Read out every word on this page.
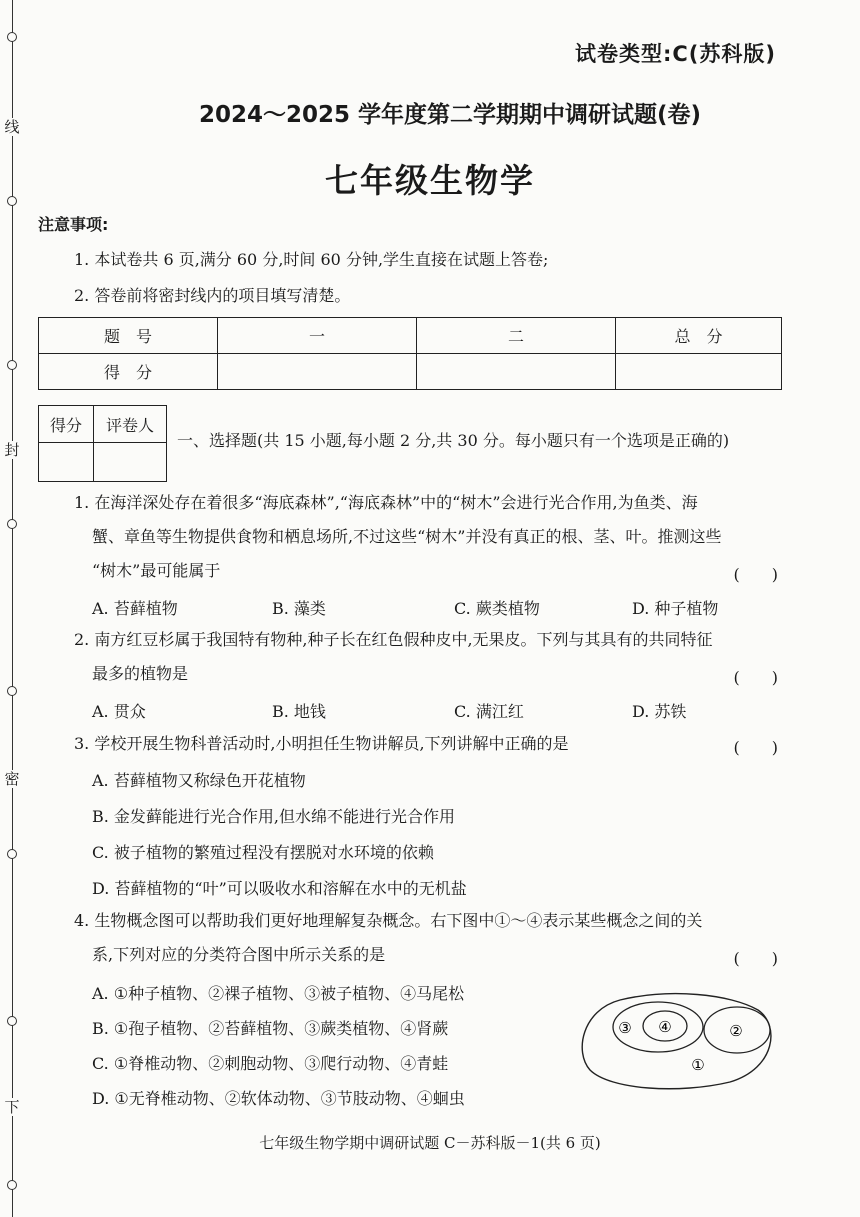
线
封
密
下
试卷类型:C(苏科版)
2024～2025 学年度第二学期期中调研试题(卷)
七年级生物学
注意事项:
1. 本试卷共 6 页,满分 60 分,时间 60 分钟,学生直接在试题上答卷;
2. 答卷前将密封线内的项目填写清楚。
题　号	一	二	总　分
得　分			
得分	评卷人

一、选择题(共 15 小题,每小题 2 分,共 30 分。每小题只有一个选项是正确的)
1. 在海洋深处存在着很多“海底森林”,“海底森林”中的“树木”会进行光合作用,为鱼类、海
蟹、章鱼等生物提供食物和栖息场所,不过这些“树木”并没有真正的根、茎、叶。推测这些
“树木”最可能属于	(　　)
A. 苔藓植物	B. 藻类	C. 蕨类植物	D. 种子植物
2. 南方红豆杉属于我国特有物种,种子长在红色假种皮中,无果皮。下列与其具有的共同特征
最多的植物是	(　　)
A. 贯众	B. 地钱	C. 满江红	D. 苏铁
3. 学校开展生物科普活动时,小明担任生物讲解员,下列讲解中正确的是	(　　)
A. 苔藓植物又称绿色开花植物
B. 金发藓能进行光合作用,但水绵不能进行光合作用
C. 被子植物的繁殖过程没有摆脱对水环境的依赖
D. 苔藓植物的“叶”可以吸收水和溶解在水中的无机盐
4. 生物概念图可以帮助我们更好地理解复杂概念。右下图中①～④表示某些概念之间的关
系,下列对应的分类符合图中所示关系的是	(　　)
A. ①种子植物、②裸子植物、③被子植物、④马尾松
B. ①孢子植物、②苔藓植物、③蕨类植物、④肾蕨
C. ①脊椎动物、②刺胞动物、③爬行动物、④青蛙
D. ①无脊椎动物、②软体动物、③节肢动物、④蛔虫
③ ④	②
①
七年级生物学期中调研试题 C－苏科版－1(共 6 页)
